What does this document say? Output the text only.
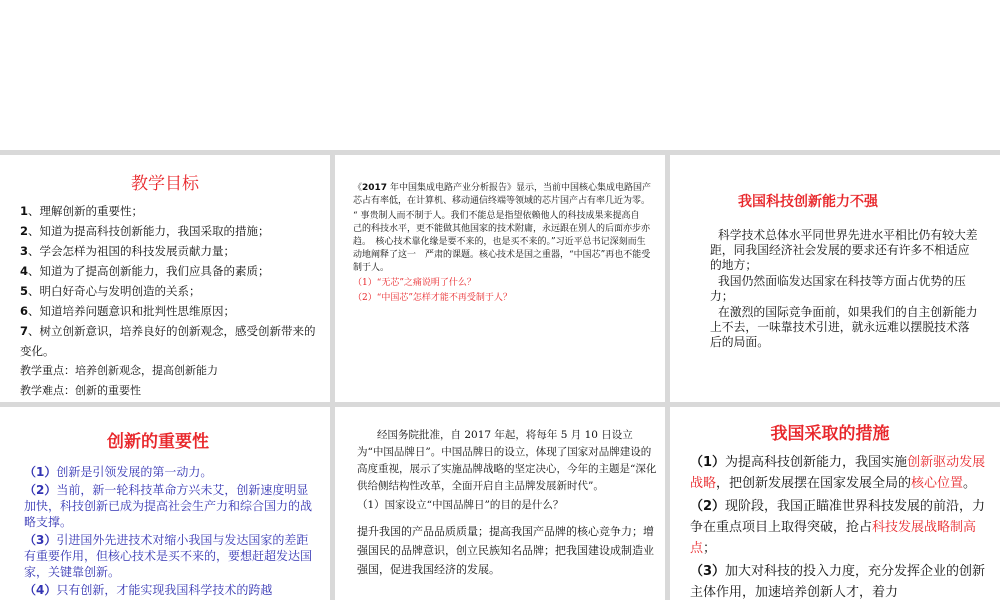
教学目标

1、理解创新的重要性；

2、知道为提高科技创新能力，我国采取的措施；

3、学会怎样为祖国的科技发展贡献力量；

4、知道为了提高创新能力，我们应具备的素质；

5、明白好奇心与发明创造的关系；

6、知道培养问题意识和批判性思维原因；

7、树立创新意识，培养良好的创新观念，感受创新带来的变化。

教学重点：培养创新观念，提高创新能力

教学难点：创新的重要性

《2017 年中国集成电路产业分析报告》显示，当前中国核心集成电路国产芯占有率低，在计算机、移动通信终端等领域的芯片国产占有率几近为零。

“ 事贵制人而不制于人。我们不能总是指望依赖他人的科技成果来提高自　己的科技水平，更不能做其他国家的技术附庸，永远跟在别人的后面亦步亦趋。　核心技术靠化缘是要不来的，也是买不来的。”习近平总书记深刻而生动地阐释了这一　严肃的课题。核心技术是国之重器，“中国芯”再也不能受制于人。

（1）“无芯”之痛说明了什么？

（2）“中国芯”怎样才能不再受制于人？

我国科技创新能力不强

科学技术总体水平同世界先进水平相比仍有较大差距，同我国经济社会发展的要求还有许多不相适应的地方；

我国仍然面临发达国家在科技等方面占优势的压力；

在激烈的国际竞争面前，如果我们的自主创新能力上不去，一味靠技术引进，就永远难以摆脱技术落后的局面。

创新的重要性

（1）创新是引领发展的第一动力。

（2）当前，新一轮科技革命方兴未艾，创新速度明显加快，科技创新已成为提高社会生产力和综合国力的战略支撑。

（3）引进国外先进技术对缩小我国与发达国家的差距有重要作用，但核心技术是买不来的，要想赶超发达国家，关键靠创新。

（4）只有创新，才能实现我国科学技术的跨越

经国务院批准，自 2017 年起，将每年 5 月 10 日设立为“中国品牌日”。中国品牌日的设立，体现了国家对品牌建设的高度重视，展示了实施品牌战略的坚定决心，今年的主题是“深化供给侧结构性改革，全面开启自主品牌发展新时代”。

（1）国家设立“中国品牌日”的目的是什么？

提升我国的产品品质质量；提高我国产品牌的核心竞争力；增强国民的品牌意识，创立民族知名品牌；把我国建设成制造业强国，促进我国经济的发展。

我国采取的措施

（1）为提高科技创新能力，我国实施创新驱动发展战略，把创新发展摆在国家发展全局的核心位置。

（2）现阶段，我国正瞄准世界科技发展的前沿，力争在重点项目上取得突破，抢占科技发展战略制高点；

（3）加大对科技的投入力度，充分发挥企业的创新主体作用，加速培养创新人才，着力
